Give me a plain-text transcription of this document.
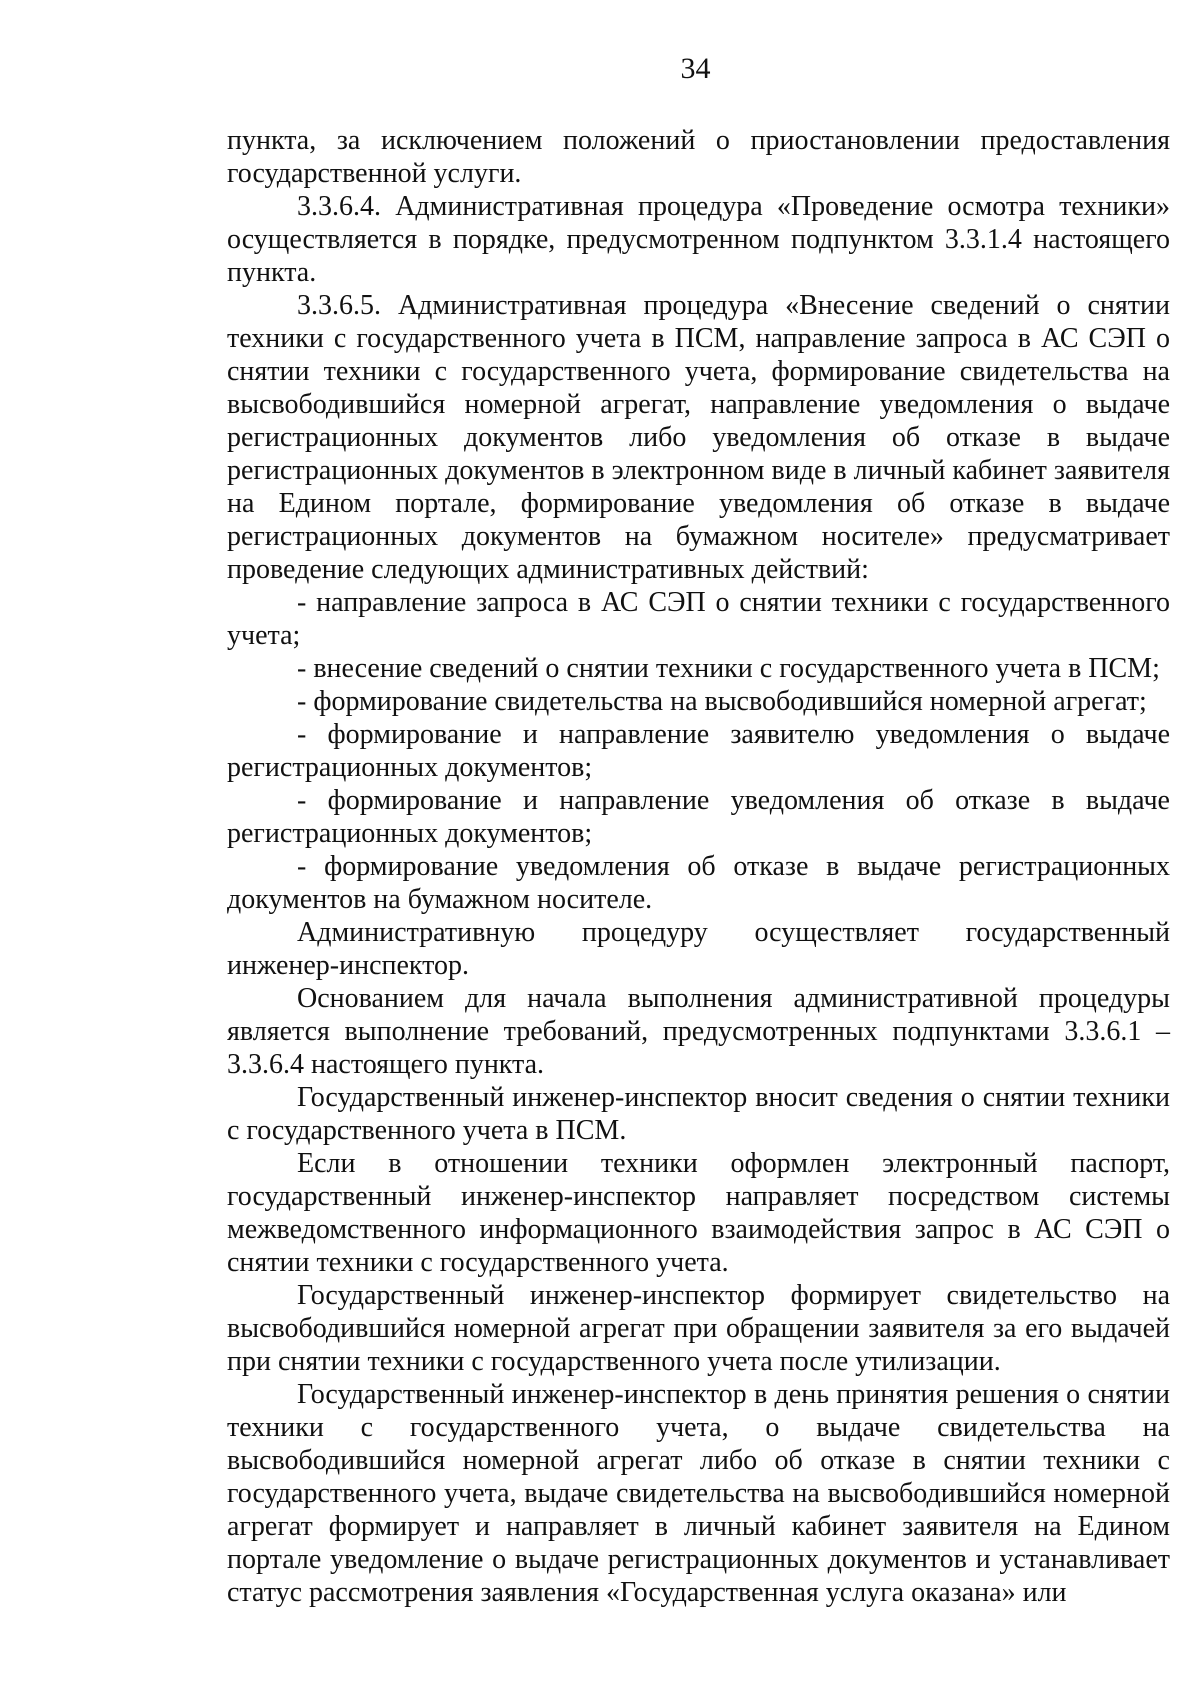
34

пункта, за исключением положений о приостановлении предоставления государственной услуги.

3.3.6.4. Административная процедура «Проведение осмотра техники» осуществляется в порядке, предусмотренном подпунктом 3.3.1.4 настоящего пункта.

3.3.6.5. Административная процедура «Внесение сведений о снятии техники с государственного учета в ПСМ, направление запроса в АС СЭП о снятии техники с государственного учета, формирование свидетельства на высвободившийся номерной агрегат, направление уведомления о выдаче регистрационных документов либо уведомления об отказе в выдаче регистрационных документов в электронном виде в личный кабинет заявителя на Едином портале, формирование уведомления об отказе в выдаче регистрационных документов на бумажном носителе» предусматривает проведение следующих административных действий:

- направление запроса в АС СЭП о снятии техники с государственного учета;

- внесение сведений о снятии техники с государственного учета в ПСМ;

- формирование свидетельства на высвободившийся номерной агрегат;

- формирование и направление заявителю уведомления о выдаче регистрационных документов;

- формирование и направление уведомления об отказе в выдаче регистрационных документов;

- формирование уведомления об отказе в выдаче регистрационных документов на бумажном носителе.

Административную процедуру осуществляет государственный инженер-инспектор.

Основанием для начала выполнения административной процедуры является выполнение требований, предусмотренных подпунктами 3.3.6.1 – 3.3.6.4 настоящего пункта.

Государственный инженер-инспектор вносит сведения о снятии техники с государственного учета в ПСМ.

Если в отношении техники оформлен электронный паспорт, государственный инженер-инспектор направляет посредством системы межведомственного информационного взаимодействия запрос в АС СЭП о снятии техники с государственного учета.

Государственный инженер-инспектор формирует свидетельство на высвободившийся номерной агрегат при обращении заявителя за его выдачей при снятии техники с государственного учета после утилизации.

Государственный инженер-инспектор в день принятия решения о снятии техники с государственного учета, о выдаче свидетельства на высвободившийся номерной агрегат либо об отказе в снятии техники с государственного учета, выдаче свидетельства на высвободившийся номерной агрегат формирует и направляет в личный кабинет заявителя на Едином портале уведомление о выдаче регистрационных документов и устанавливает статус рассмотрения заявления «Государственная услуга оказана» или
